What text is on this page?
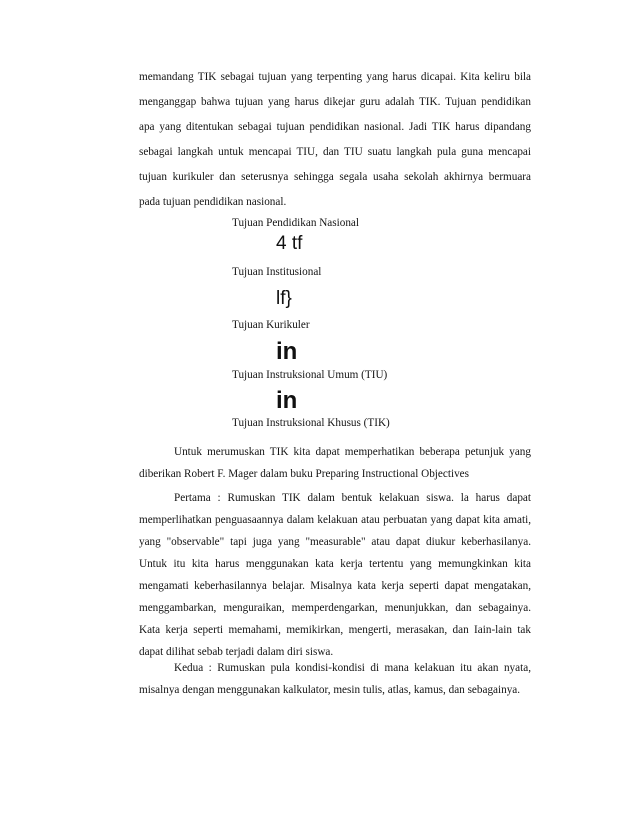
memandang TIK sebagai tujuan yang terpenting yang harus dicapai. Kita keliru bila

menganggap bahwa tujuan yang harus dikejar guru adalah TIK. Tujuan pendidikan

apa yang ditentukan sebagai tujuan pendidikan nasional. Jadi TIK harus dipandang

sebagai langkah untuk mencapai TIU, dan TIU suatu langkah pula guna mencapai

tujuan kurikuler dan seterusnya sehingga segala usaha sekolah akhirnya bermuara

pada tujuan pendidikan nasional.

Tujuan Pendidikan Nasional
4 tf
Tujuan Institusional
lf}
Tujuan Kurikuler
in
Tujuan Instruksional Umum (TIU)
in
Tujuan Instruksional Khusus (TIK)

Untuk merumuskan TIK kita dapat memperhatikan beberapa petunjuk yang diberikan Robert F. Mager dalam buku Preparing Instructional Objectives

Pertama : Rumuskan TIK dalam bentuk kelakuan siswa. la harus dapat memperlihatkan penguasaannya dalam kelakuan atau perbuatan yang dapat kita amati, yang "observable" tapi juga yang "measurable" atau dapat diukur keberhasilanya. Untuk itu kita harus menggunakan kata kerja tertentu yang memungkinkan kita mengamati keberhasilannya belajar. Misalnya kata kerja seperti dapat mengatakan, menggambarkan, menguraikan, memperdengarkan, menunjukkan, dan sebagainya. Kata kerja seperti memahami, memikirkan, mengerti, merasakan, dan Iain-lain tak dapat dilihat sebab terjadi dalam diri siswa.

Kedua : Rumuskan pula kondisi-kondisi di mana kelakuan itu akan nyata, misalnya dengan menggunakan kalkulator, mesin tulis, atlas, kamus, dan sebagainya.
